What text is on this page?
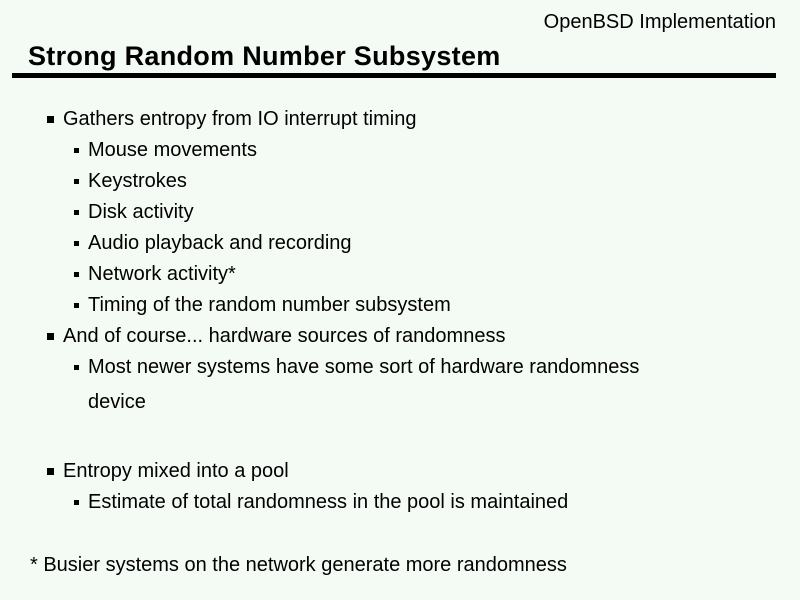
OpenBSD Implementation
Strong Random Number Subsystem
Gathers entropy from IO interrupt timing
Mouse movements
Keystrokes
Disk activity
Audio playback and recording
Network activity*
Timing of the random number subsystem
And of course... hardware sources of randomness
Most newer systems have some sort of hardware randomness device
Entropy mixed into a pool
Estimate of total randomness in the pool is maintained
* Busier systems on the network generate more randomness
